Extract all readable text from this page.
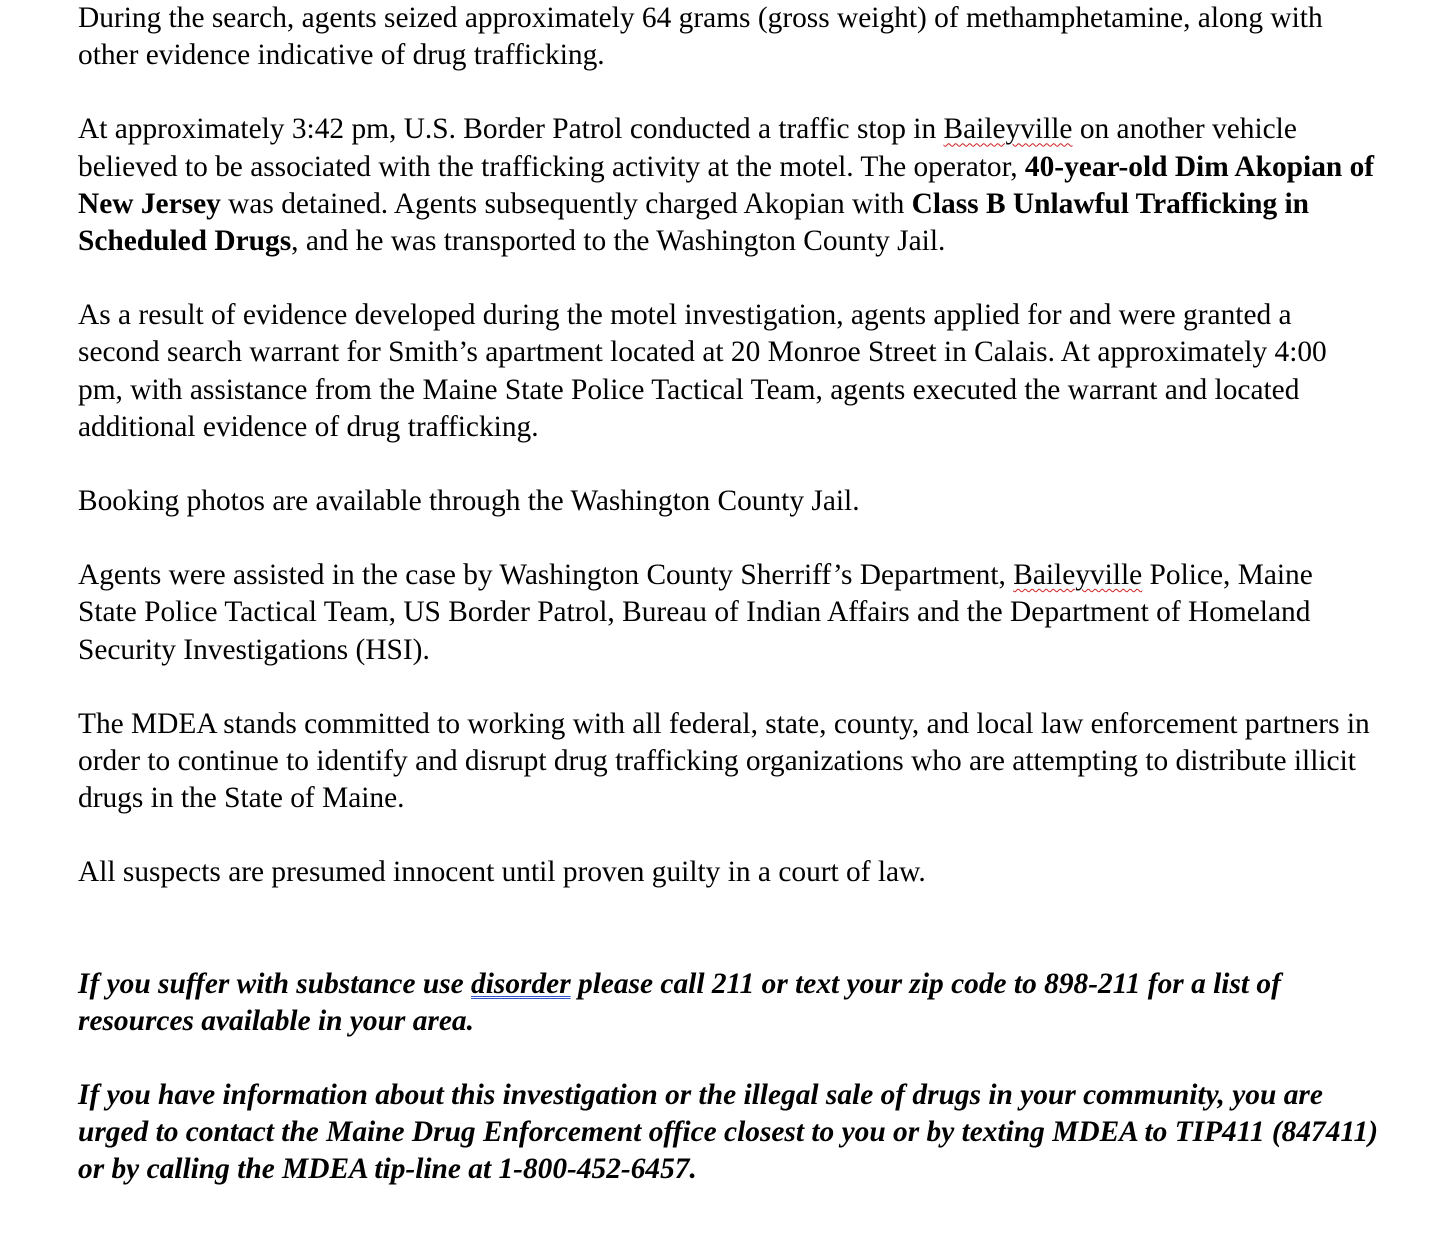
During the search, agents seized approximately 64 grams (gross weight) of methamphetamine, along with other evidence indicative of drug trafficking.

At approximately 3:42 pm, U.S. Border Patrol conducted a traffic stop in Baileyville on another vehicle believed to be associated with the trafficking activity at the motel. The operator, 40-year-old Dim Akopian of New Jersey was detained. Agents subsequently charged Akopian with Class B Unlawful Trafficking in Scheduled Drugs, and he was transported to the Washington County Jail.

As a result of evidence developed during the motel investigation, agents applied for and were granted a second search warrant for Smith’s apartment located at 20 Monroe Street in Calais. At approximately 4:00 pm, with assistance from the Maine State Police Tactical Team, agents executed the warrant and located additional evidence of drug trafficking.

Booking photos are available through the Washington County Jail.

Agents were assisted in the case by Washington County Sherriff’s Department, Baileyville Police, Maine State Police Tactical Team, US Border Patrol, Bureau of Indian Affairs and the Department of Homeland Security Investigations (HSI).

The MDEA stands committed to working with all federal, state, county, and local law enforcement partners in order to continue to identify and disrupt drug trafficking organizations who are attempting to distribute illicit drugs in the State of Maine.

All suspects are presumed innocent until proven guilty in a court of law.

If you suffer with substance use disorder please call 211 or text your zip code to 898-211 for a list of resources available in your area.

If you have information about this investigation or the illegal sale of drugs in your community, you are urged to contact the Maine Drug Enforcement office closest to you or by texting MDEA to TIP411 (847411) or by calling the MDEA tip-line at 1-800-452-6457.
